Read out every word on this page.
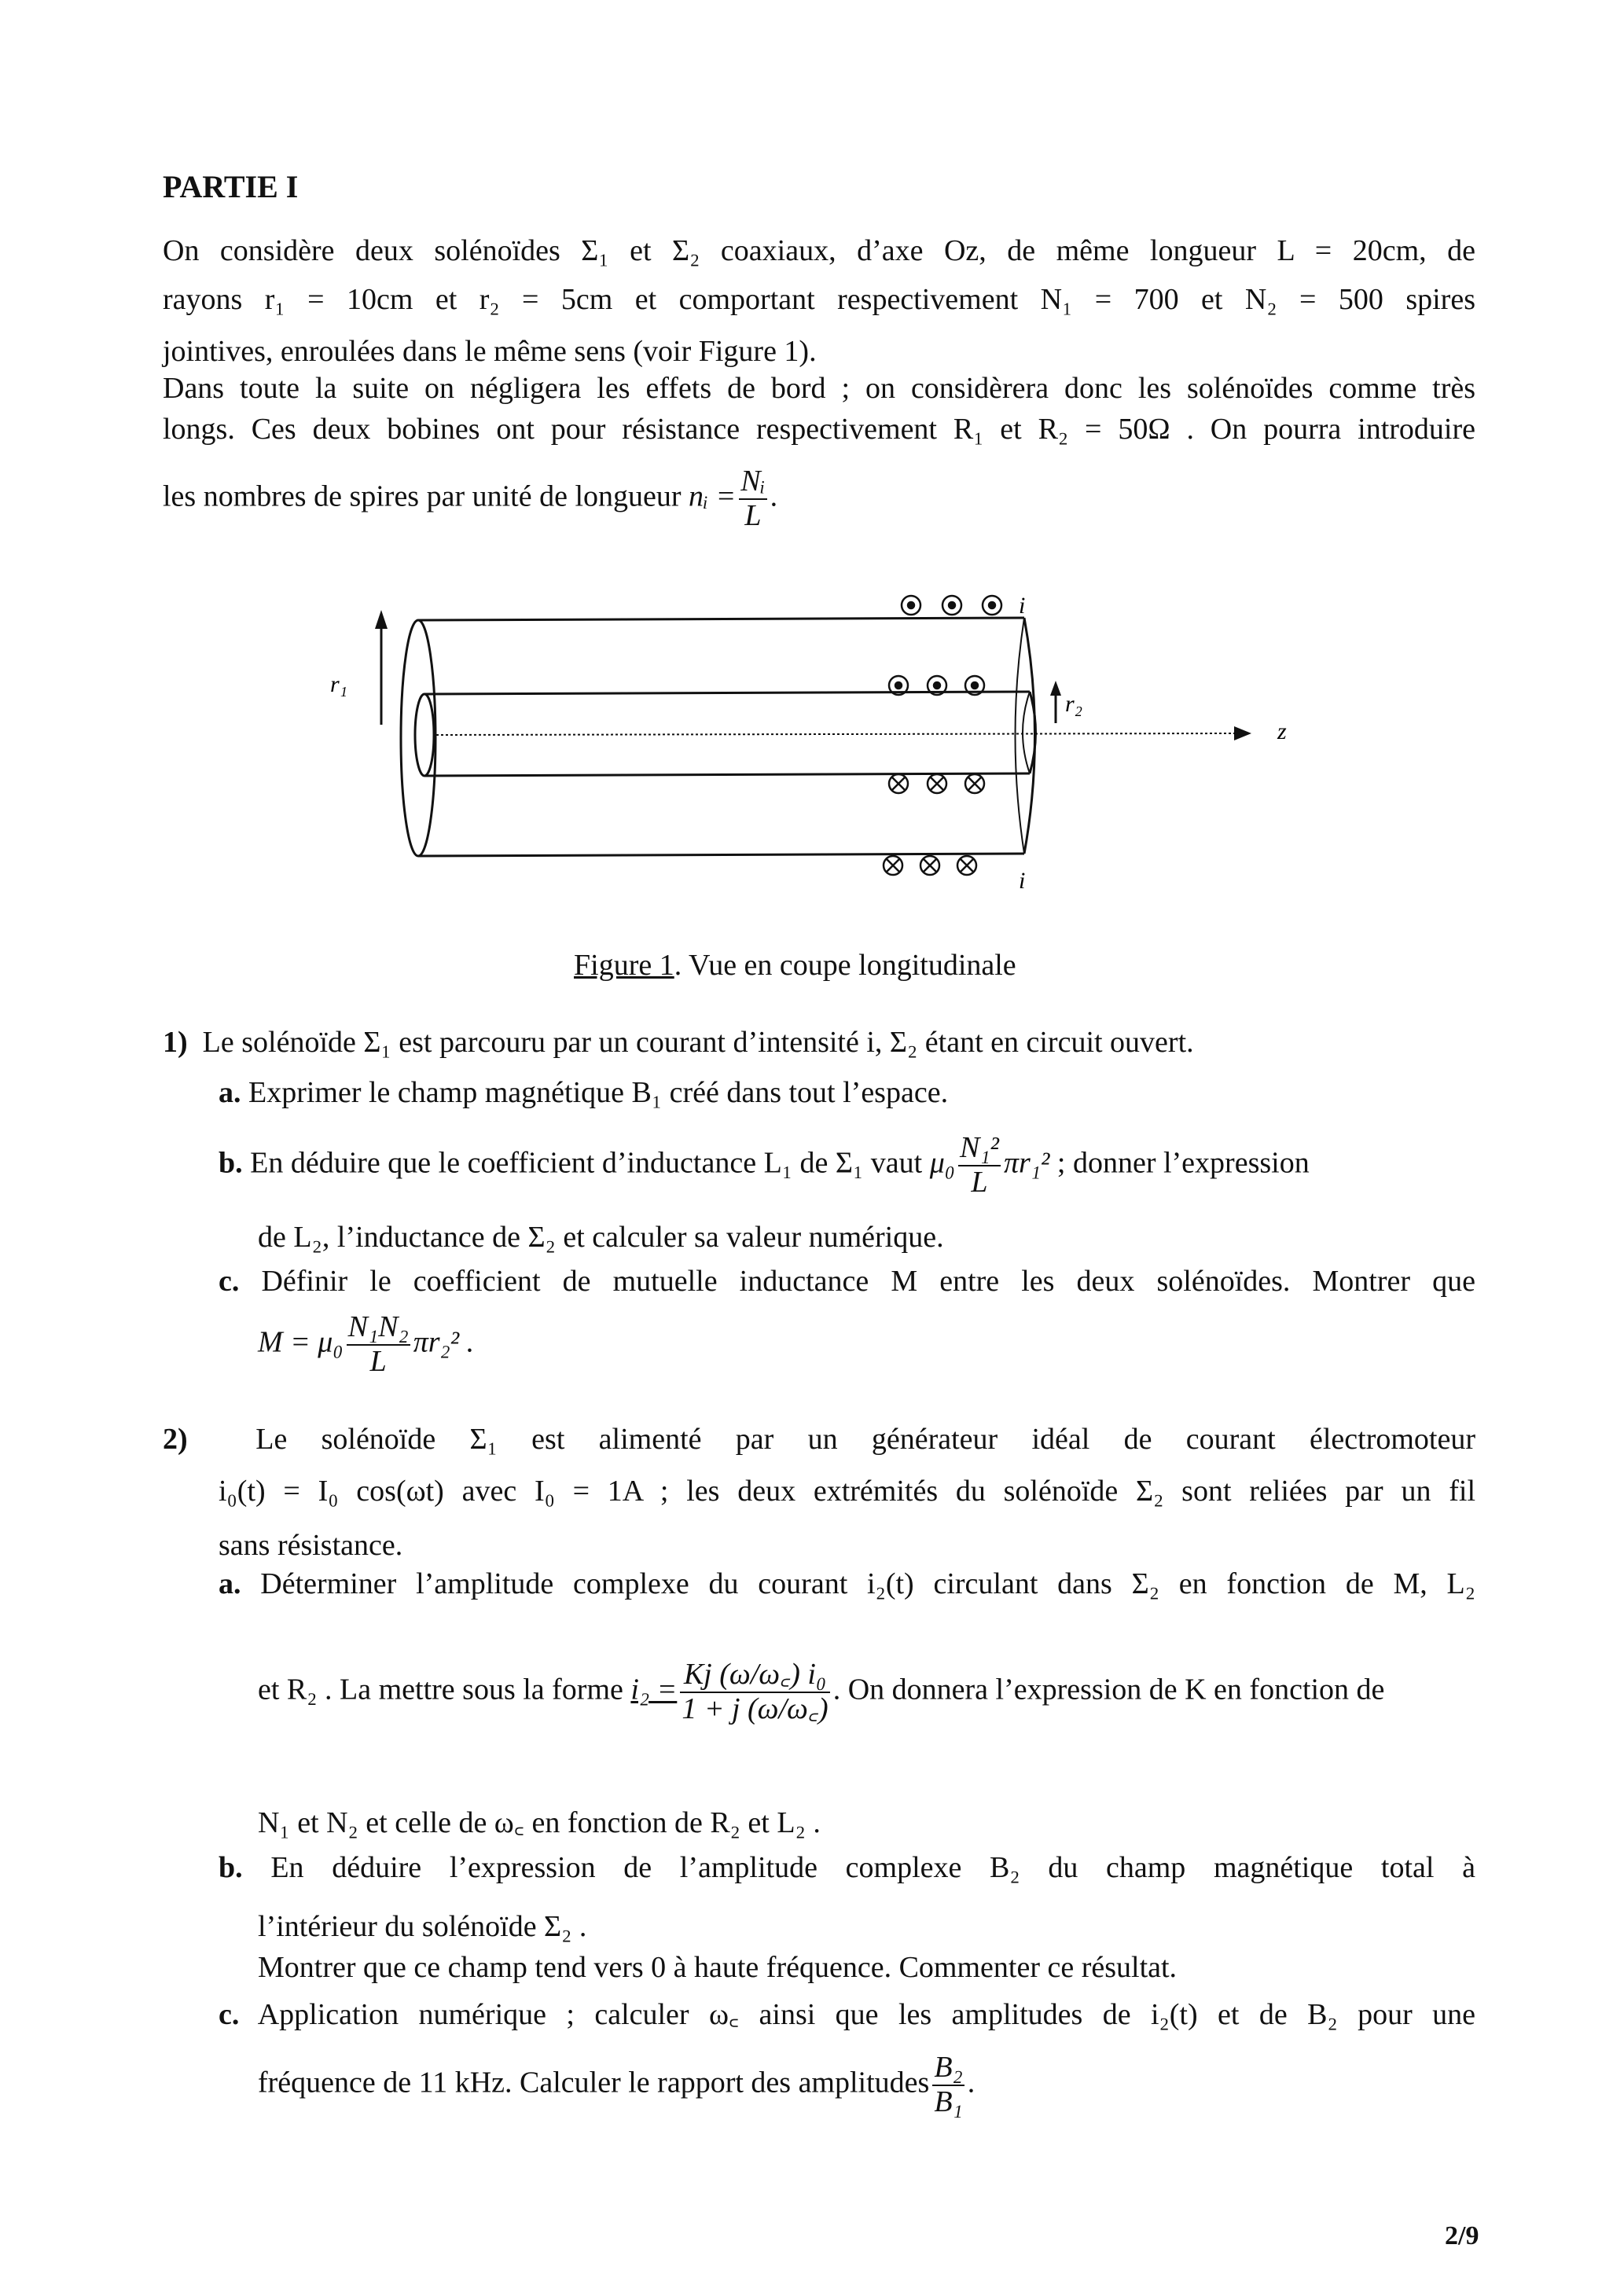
PARTIE I
On considère deux solénoïdes Σ₁ et Σ₂ coaxiaux, d’axe Oz, de même longueur L = 20cm, de
rayons r₁ = 10cm et r₂ = 5cm et comportant respectivement N₁ = 700 et N₂ = 500 spires
jointives, enroulées dans le même sens (voir Figure 1).
Dans toute la suite on négligera les effets de bord ; on considèrera donc les solénoïdes comme très
longs. Ces deux bobines ont pour résistance respectivement R₁ et R₂ = 50Ω . On pourra introduire
les nombres de spires par unité de longueur nᵢ = $\frac{\text{Nᵢ}}{L}$ .
r₁
r₂
z
i
i
Figure 1. Vue en coupe longitudinale
1) Le solénoïde Σ₁ est parcouru par un courant d’intensité i, Σ₂ étant en circuit ouvert.
a. Exprimer le champ magnétique B₁ créé dans tout l’espace.
b. En déduire que le coefficient d’inductance L₁ de Σ₁ vaut $\mu_0 \frac{\text{N₁²}}{L} \pi r_1^2$ ; donner l’expression
de L₂, l’inductance de Σ₂ et calculer sa valeur numérique.
c. Définir le coefficient de mutuelle inductance M entre les deux solénoïdes. Montrer que
$M = \mu_0 \frac{\text{N₁N₂}}{L} \pi r_2^2$ .
2) Le solénoïde Σ₁ est alimenté par un générateur idéal de courant électromoteur
i₀(t) = I₀ cos(ωt) avec I₀ = 1A ; les deux extrémités du solénoïde Σ₂ sont reliées par un fil
sans résistance.
a. Déterminer l’amplitude complexe du courant i₂(t) circulant dans Σ₂ en fonction de M, L₂
et R₂ . La mettre sous la forme $i_2 = \frac{\text{Kj (ω/ω꜀) i₀}}{1 + j (\omega/\omega꜀)}$ . On donnera l’expression de K en fonction de
N₁ et N₂ et celle de ω꜀ en fonction de R₂ et L₂ .
b. En déduire l’expression de l’amplitude complexe B₂ du champ magnétique total à
l’intérieur du solénoïde Σ₂ .
Montrer que ce champ tend vers 0 à haute fréquence. Commenter ce résultat.
c. Application numérique ; calculer ω꜀ ainsi que les amplitudes de i₂(t) et de B₂ pour une
fréquence de 11 kHz. Calculer le rapport des amplitudes $\frac{\text{B₂}}{\text{B₁}}$ .
2/9
